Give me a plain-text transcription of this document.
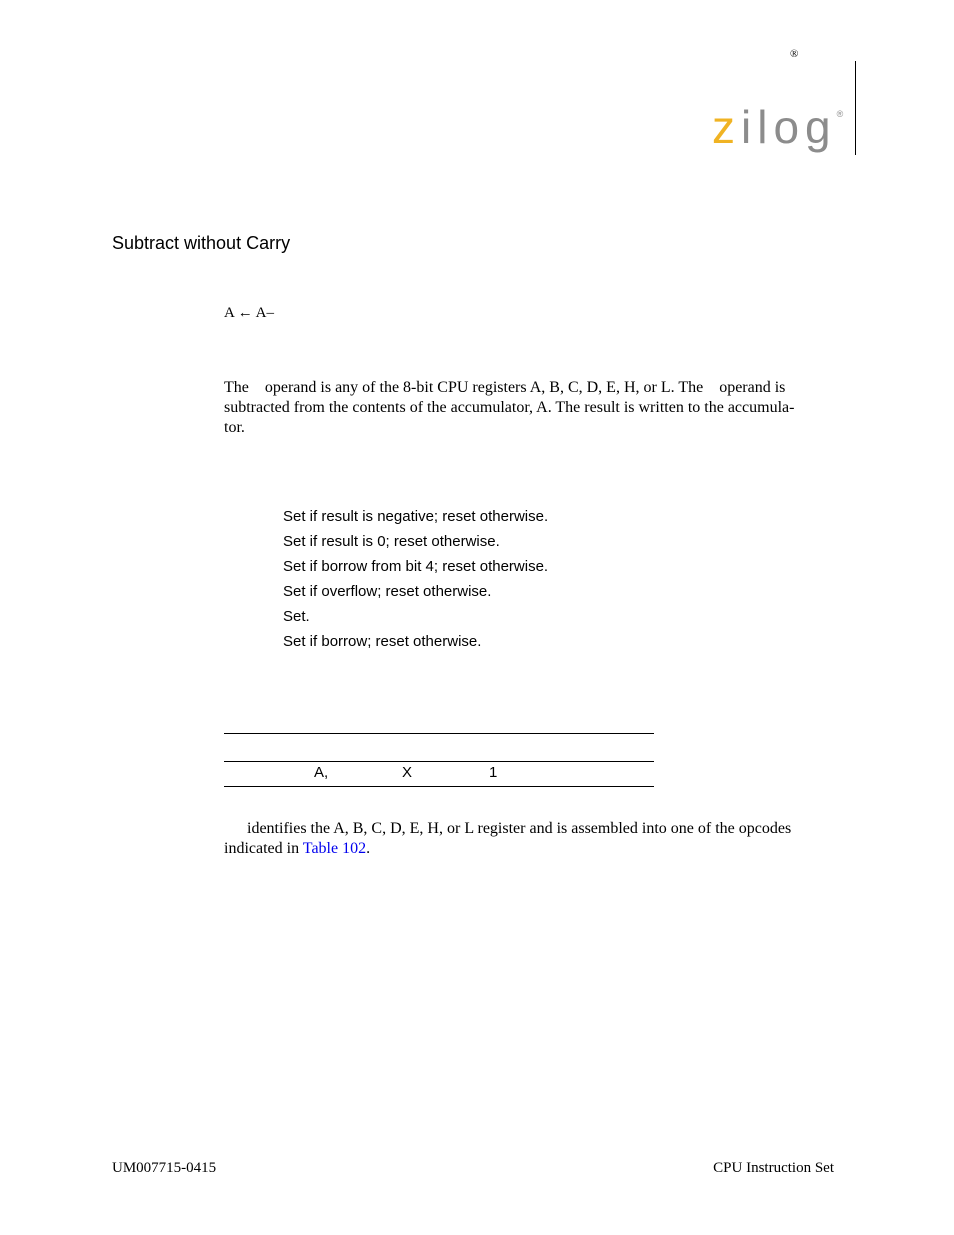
®
zilog®
Subtract without Carry
A ← A–

The    operand is any of the 8-bit CPU registers A, B, C, D, E, H, or L. The    operand is

subtracted from the contents of the accumulator, A. The result is written to the accumula-

tor.

Set if result is negative; reset otherwise.
Set if result is 0; reset otherwise.
Set if borrow from bit 4; reset otherwise.
Set if overflow; reset otherwise.
Set.
Set if borrow; reset otherwise.
A,	X	1

identifies the A, B, C, D, E, H, or L register and is assembled into one of the opcodes

indicated in Table 102.

UM007715-0415	CPU Instruction Set
